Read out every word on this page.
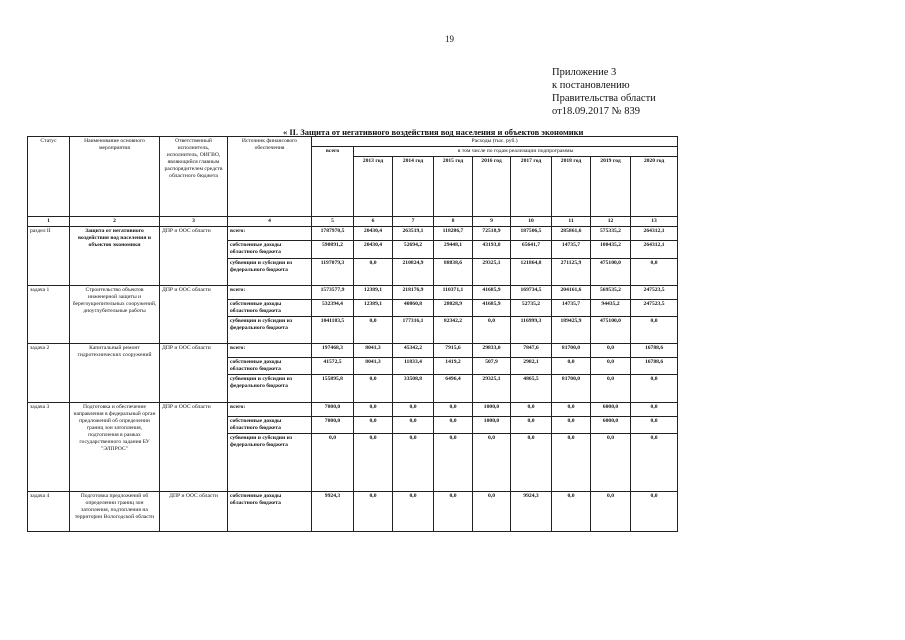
19
Приложение 3
к постановлению
Правительства области
от18.09.2017 № 839
« II. Защита от негативного воздействия вод населения и объектов экономики
Статус	Наименование основного мероприятия	Ответственный исполнитель, исполнитель, ОИГВО, являющийся главным распорядителем средств областного бюджета	Источник финансового обеспечения	Расходы (тыс. руб.)								
				всего	в том числе по годам реализации подпрограммы							
					2013 год	2014 год	2015 год	2016 год	2017 год	2018 год	2019 год	2020 год
1	2	3	4	5	6	7	8	9	10	11	12	13
раздел II	Защита от негативного воздействия вод населения и объектов экономики	ДПР и ООС области	всего:	1787970,5	20430,4	263519,1	118286,7	72518,9	187506,5	285861,6	575335,2	264312,1
			собственные доходы областного бюджета	590891,2	20430,4	52694,2	29448,1	43193,8	65641,7	14735,7	100435,2	264312,1
			субвенции и субсидии из федерального бюджета	1197079,3	0,0	210824,9	88838,6	29325,1	121864,8	271125,9	475100,0	0,0
задача 1	Строительство объектов инженерной защиты и берегоукрепительных сооружений, дноуглубительные работы	ДПР и ООС области	всего:	1573577,9	12389,1	218176,9	110371,1	41685,9	169734,5	204161,6	569535,2	247523,5
			собственные доходы областного бюджета	532394,4	12389,1	40860,8	28028,9	41685,9	52735,2	14735,7	94435,2	247523,5
			субвенции и субсидии из федерального бюджета	1041183,5	0,0	177316,1	82342,2	0,0	116999,3	189425,9	475100,0	0,0
задача 2	Капитальный ремонт гидротехнических сооружений	ДПР и ООС области	всего:	197468,3	8041,3	45342,2	7915,6	29833,0	7847,6	81700,0	0,0	16788,6
			собственные доходы областного бюджета	41572,5	8041,3	11833,4	1419,2	507,9	2982,1	0,0	0,0	16788,6
			субвенции и субсидии из федерального бюджета	155895,8	0,0	33508,8	6496,4	29325,1	4865,5	81700,0	0,0	0,0
задача 3	Подготовка и обеспечение направления в федеральный орган предложений об определении границ зон затопления, подтопления в рамках государственного задания БУ "ЭЛПРОС"	ДПР и ООС области	всего:	7000,0	0,0	0,0	0,0	1000,0	0,0	0,0	6000,0	0,0
			собственные доходы областного бюджета	7000,0	0,0	0,0	0,0	1000,0	0,0	0,0	6000,0	0,0
			субвенции и субсидии из федерального бюджета	0,0	0,0	0,0	0,0	0,0	0,0	0,0	0,0	0,0
задача 4	Подготовка предложений об определении границ зон затопления, подтопления на территории Вологодской области	ДПР и ООС области	собственные доходы областного бюджета	9924,3	0,0	0,0	0,0	0,0	9924,3	0,0	0,0	0,0
